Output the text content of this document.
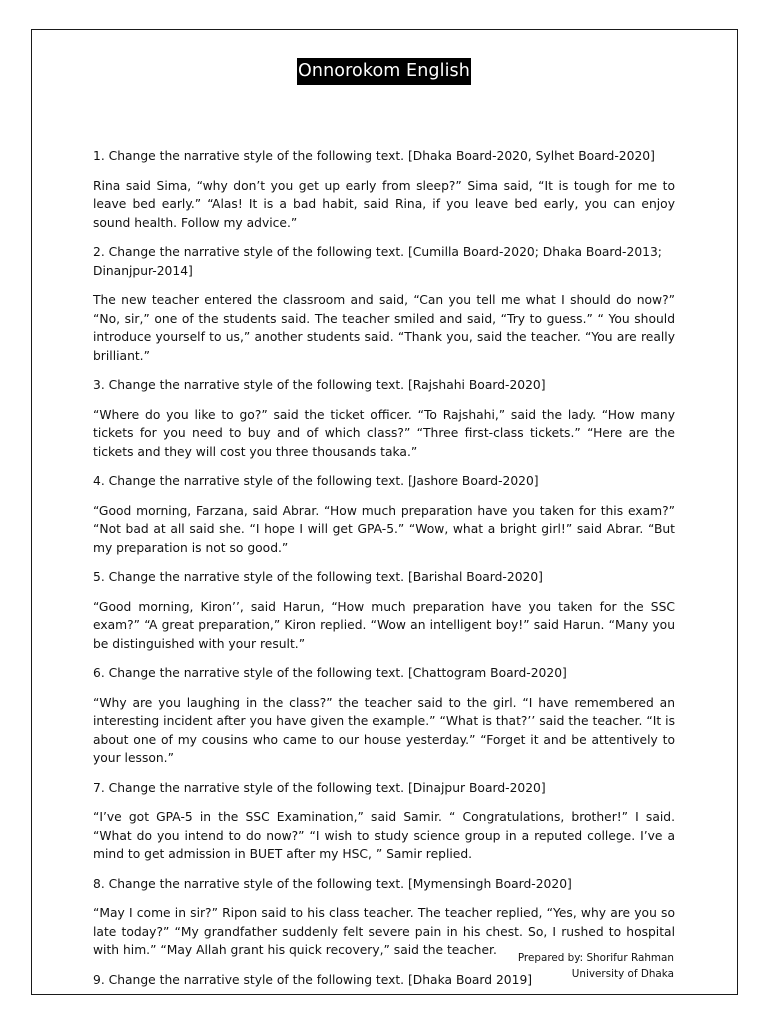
Onnorokom English

1. Change the narrative style of the following text. [Dhaka Board-2020, Sylhet Board-2020]

Rina said Sima, “why don’t you get up early from sleep?” Sima said, “It is tough for me to leave bed early.” “Alas! It is a bad habit, said Rina, if you leave bed early, you can enjoy sound health. Follow my advice.”

2. Change the narrative style of the following text. [Cumilla Board-2020; Dhaka Board-2013; Dinanjpur-2014]

The new teacher entered the classroom and said, “Can you tell me what I should do now?” “No, sir,” one of the students said. The teacher smiled and said, “Try to guess.” “ You should introduce yourself to us,” another students said. “Thank you, said the teacher. “You are really brilliant.”

3. Change the narrative style of the following text. [Rajshahi Board-2020]

“Where do you like to go?” said the ticket officer. “To Rajshahi,” said the lady. “How many tickets for you need to buy and of which class?” “Three first-class tickets.” “Here are the tickets and they will cost you three thousands taka.”

4. Change the narrative style of the following text. [Jashore Board-2020]

“Good morning, Farzana, said Abrar. “How much preparation have you taken for this exam?” “Not bad at all said she. “I hope I will get GPA-5.” “Wow, what a bright girl!” said Abrar. “But my preparation is not so good.”

5. Change the narrative style of the following text. [Barishal Board-2020]

“Good morning, Kiron’’, said Harun, “How much preparation have you taken for the SSC exam?” “A great preparation,” Kiron replied. “Wow an intelligent boy!” said Harun. “Many you be distinguished with your result.”

6. Change the narrative style of the following text. [Chattogram Board-2020]

“Why are you laughing in the class?” the teacher said to the girl. “I have remembered an interesting incident after you have given the example.” “What is that?’’ said the teacher. “It is about one of my cousins who came to our house yesterday.” “Forget it and be attentively to your lesson.”

7. Change the narrative style of the following text. [Dinajpur Board-2020]

“I’ve got GPA-5 in the SSC Examination,” said Samir. “ Congratulations, brother!” I said. “What do you intend to do now?” “I wish to study science group in a reputed college. I’ve a mind to get admission in BUET after my HSC, ” Samir replied.

8. Change the narrative style of the following text. [Mymensingh Board-2020]

“May I come in sir?” Ripon said to his class teacher. The teacher replied, “Yes, why are you so late today?” “My grandfather suddenly felt severe pain in his chest. So, I rushed to hospital with him.” “May Allah grant his quick recovery,” said the teacher.

9. Change the narrative style of the following text. [Dhaka Board 2019]

Prepared by: Shorifur Rahman
University of Dhaka
